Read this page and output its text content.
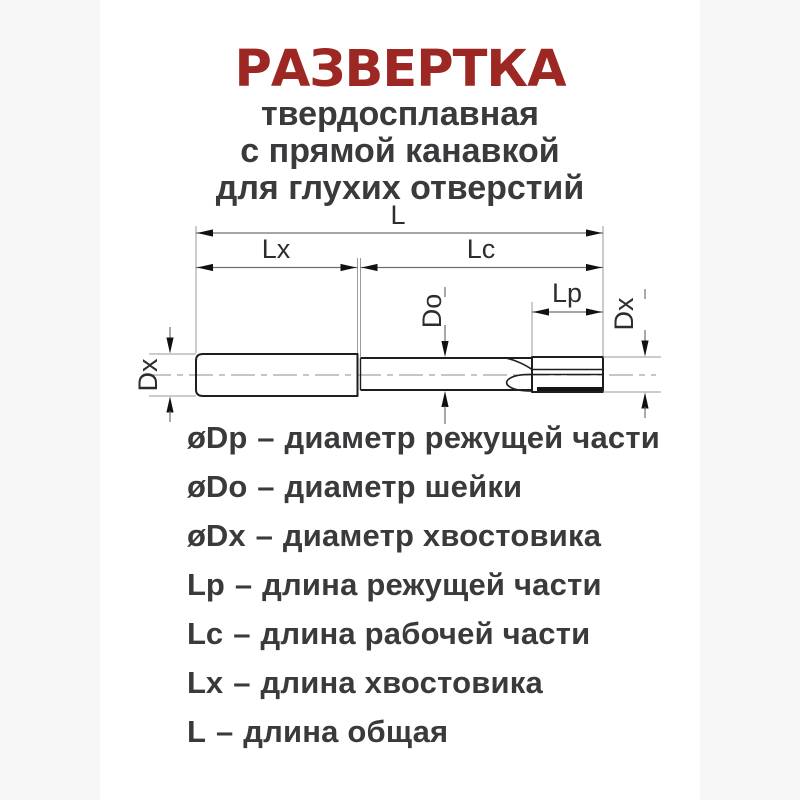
РАЗВЕРТКА
твердосплавная
с прямой канавкой
для глухих отверстий
øDp – диаметр режущей части
øDo – диаметр шейки
øDx – диаметр хвостовика
Lp – длина режущей части
Lc – длина рабочей части
Lx – длина хвостовика
L – длина общая
L
Lx	Lc
Lp
Do
Dx
Dx
